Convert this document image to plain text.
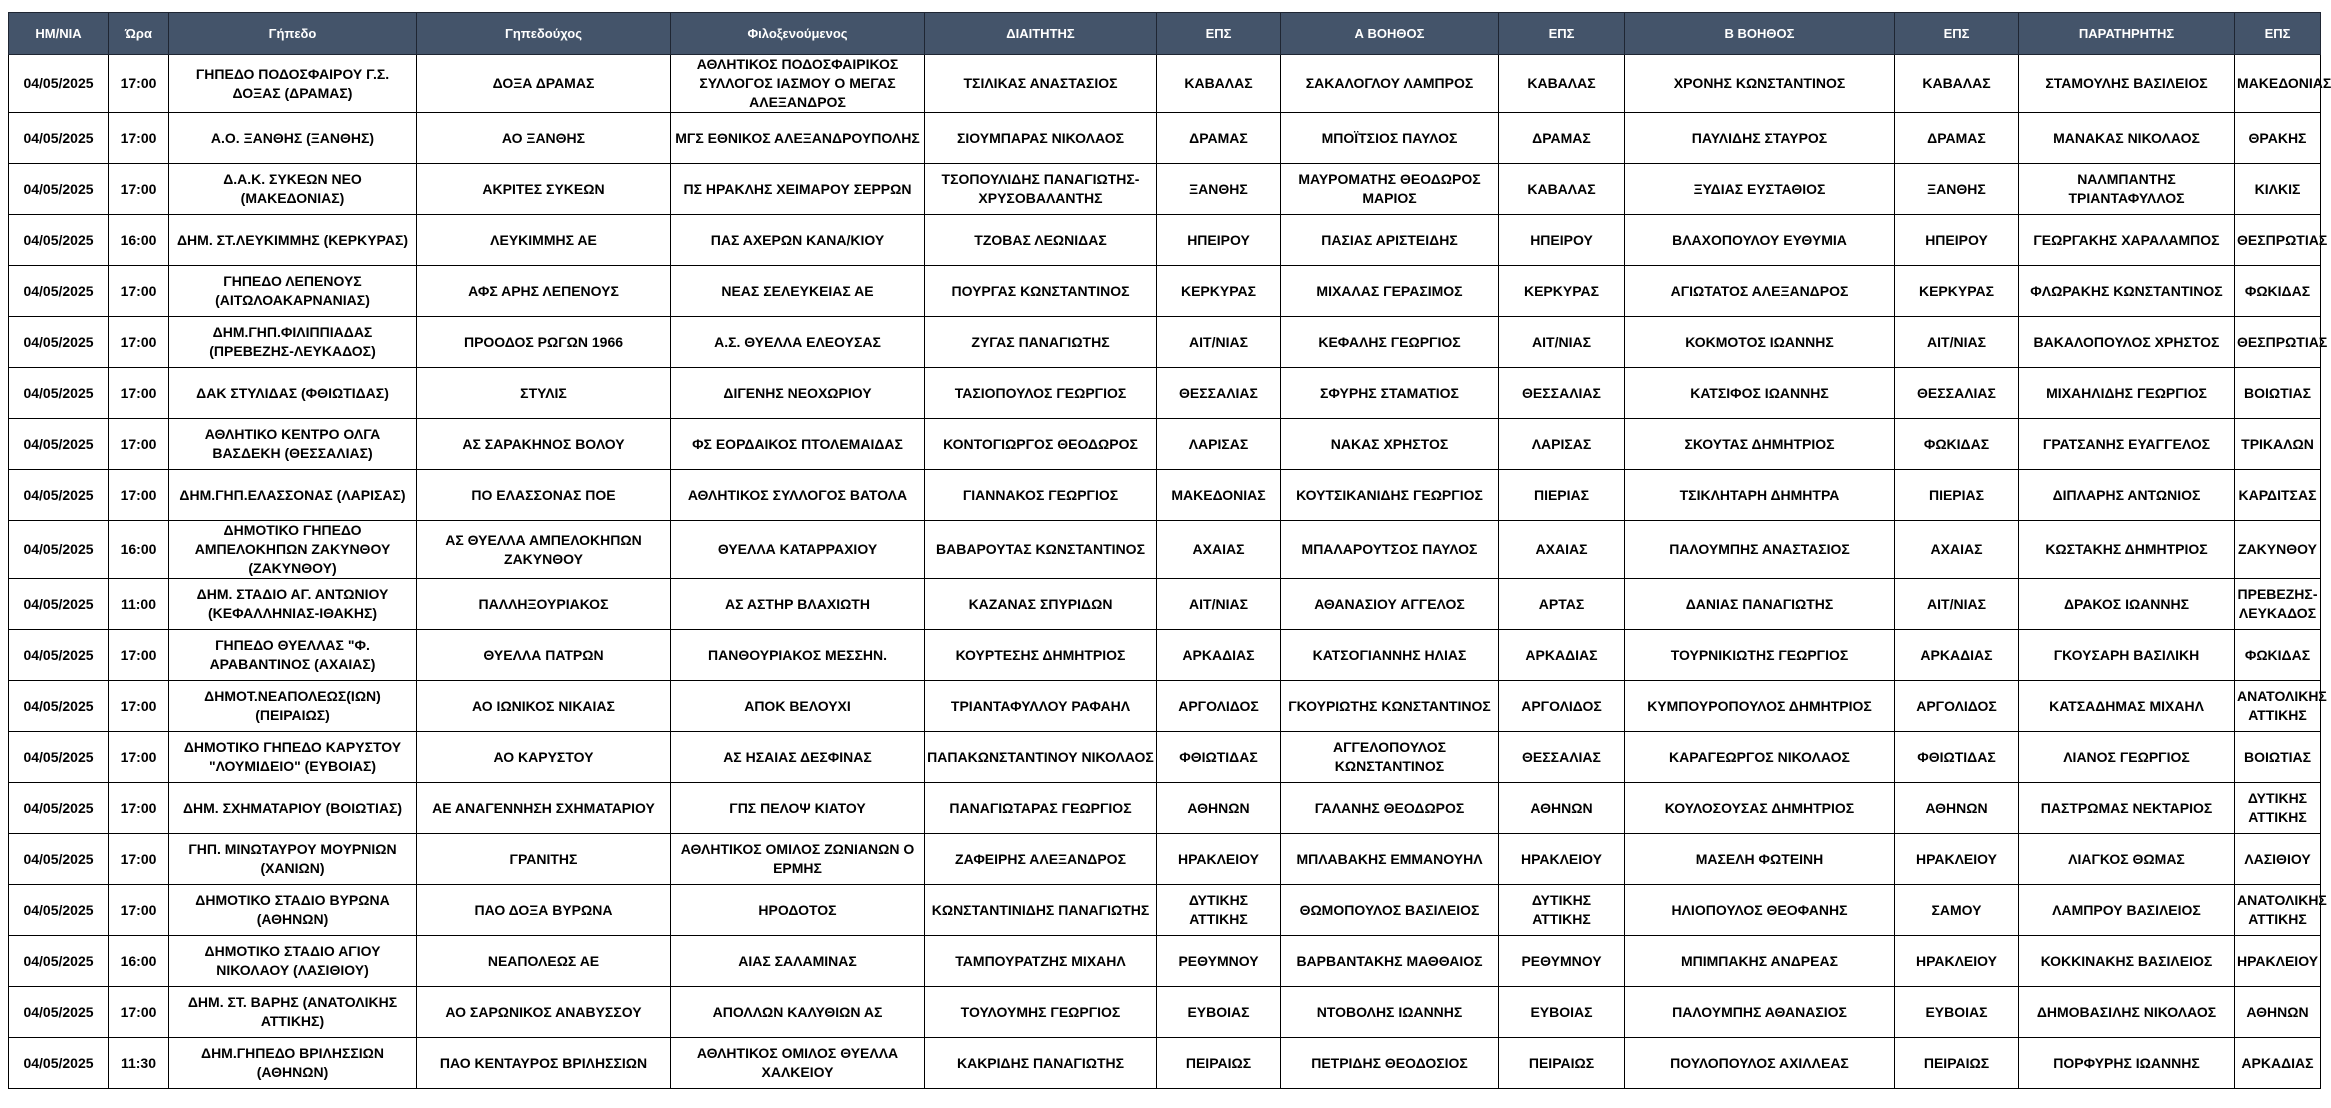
ΗΜ/ΝΙΑ	Ώρα	Γήπεδο	Γηπεδούχος	Φιλοξενούμενος	ΔΙΑΙΤΗΤΗΣ	ΕΠΣ	Α ΒΟΗΘΟΣ	ΕΠΣ	Β ΒΟΗΘΟΣ	ΕΠΣ	ΠΑΡΑΤΗΡΗΤΗΣ	ΕΠΣ
04/05/2025	17:00	ΓΗΠΕΔΟ ΠΟΔΟΣΦΑΙΡΟΥ Γ.Σ. ΔΟΞΑΣ (ΔΡΑΜΑΣ)	ΔΟΞΑ ΔΡΑΜΑΣ	ΑΘΛΗΤΙΚΟΣ ΠΟΔΟΣΦΑΙΡΙΚΟΣ ΣΥΛΛΟΓΟΣ ΙΑΣΜΟΥ Ο ΜΕΓΑΣ ΑΛΕΞΑΝΔΡΟΣ	ΤΣΙΛΙΚΑΣ ΑΝΑΣΤΑΣΙΟΣ	ΚΑΒΑΛΑΣ	ΣΑΚΑΛΟΓΛΟΥ ΛΑΜΠΡΟΣ	ΚΑΒΑΛΑΣ	ΧΡΟΝΗΣ ΚΩΝΣΤΑΝΤΙΝΟΣ	ΚΑΒΑΛΑΣ	ΣΤΑΜΟΥΛΗΣ ΒΑΣΙΛΕΙΟΣ	ΜΑΚΕΔΟΝΙΑΣ
04/05/2025	17:00	Α.Ο. ΞΑΝΘΗΣ (ΞΑΝΘΗΣ)	ΑΟ ΞΑΝΘΗΣ	ΜΓΣ ΕΘΝΙΚΟΣ ΑΛΕΞΑΝΔΡΟΥΠΟΛΗΣ	ΣΙΟΥΜΠΑΡΑΣ ΝΙΚΟΛΑΟΣ	ΔΡΑΜΑΣ	ΜΠΟΪΤΣΙΟΣ ΠΑΥΛΟΣ	ΔΡΑΜΑΣ	ΠΑΥΛΙΔΗΣ ΣΤΑΥΡΟΣ	ΔΡΑΜΑΣ	ΜΑΝΑΚΑΣ ΝΙΚΟΛΑΟΣ	ΘΡΑΚΗΣ
04/05/2025	17:00	Δ.Α.Κ. ΣΥΚΕΩΝ ΝΕΟ (ΜΑΚΕΔΟΝΙΑΣ)	ΑΚΡΙΤΕΣ ΣΥΚΕΩΝ	ΠΣ ΗΡΑΚΛΗΣ ΧΕΙΜΑΡΟΥ ΣΕΡΡΩΝ	ΤΣΟΠΟΥΛΙΔΗΣ ΠΑΝΑΓΙΩΤΗΣ-ΧΡΥΣΟΒΑΛΑΝΤΗΣ	ΞΑΝΘΗΣ	ΜΑΥΡΟΜΑΤΗΣ ΘΕΟΔΩΡΟΣ ΜΑΡΙΟΣ	ΚΑΒΑΛΑΣ	ΞΥΔΙΑΣ ΕΥΣΤΑΘΙΟΣ	ΞΑΝΘΗΣ	ΝΑΛΜΠΑΝΤΗΣ ΤΡΙΑΝΤΑΦΥΛΛΟΣ	ΚΙΛΚΙΣ
04/05/2025	16:00	ΔΗΜ. ΣΤ.ΛΕΥΚΙΜΜΗΣ (ΚΕΡΚΥΡΑΣ)	ΛΕΥΚΙΜΜΗΣ ΑΕ	ΠΑΣ ΑΧΕΡΩΝ ΚΑΝΑ/ΚΙΟΥ	ΤΖΟΒΑΣ ΛΕΩΝΙΔΑΣ	ΗΠΕΙΡΟΥ	ΠΑΣΙΑΣ ΑΡΙΣΤΕΙΔΗΣ	ΗΠΕΙΡΟΥ	ΒΛΑΧΟΠΟΥΛΟΥ ΕΥΘΥΜΙΑ	ΗΠΕΙΡΟΥ	ΓΕΩΡΓΑΚΗΣ ΧΑΡΑΛΑΜΠΟΣ	ΘΕΣΠΡΩΤΙΑΣ
04/05/2025	17:00	ΓΗΠΕΔΟ ΛΕΠΕΝΟΥΣ (ΑΙΤΩΛΟΑΚΑΡΝΑΝΙΑΣ)	ΑΦΣ ΑΡΗΣ ΛΕΠΕΝΟΥΣ	ΝΕΑΣ ΣΕΛΕΥΚΕΙΑΣ ΑΕ	ΠΟΥΡΓΑΣ ΚΩΝΣΤΑΝΤΙΝΟΣ	ΚΕΡΚΥΡΑΣ	ΜΙΧΑΛΑΣ ΓΕΡΑΣΙΜΟΣ	ΚΕΡΚΥΡΑΣ	ΑΓΙΩΤΑΤΟΣ ΑΛΕΞΑΝΔΡΟΣ	ΚΕΡΚΥΡΑΣ	ΦΛΩΡΑΚΗΣ ΚΩΝΣΤΑΝΤΙΝΟΣ	ΦΩΚΙΔΑΣ
04/05/2025	17:00	ΔΗΜ.ΓΗΠ.ΦΙΛΙΠΠΙΑΔΑΣ (ΠΡΕΒΕΖΗΣ-ΛΕΥΚΑΔΟΣ)	ΠΡΟΟΔΟΣ ΡΩΓΩΝ 1966	Α.Σ. ΘΥΕΛΛΑ ΕΛΕΟΥΣΑΣ	ΖΥΓΑΣ ΠΑΝΑΓΙΩΤΗΣ	ΑΙΤ/ΝΙΑΣ	ΚΕΦΑΛΗΣ ΓΕΩΡΓΙΟΣ	ΑΙΤ/ΝΙΑΣ	ΚΟΚΜΟΤΟΣ ΙΩΑΝΝΗΣ	ΑΙΤ/ΝΙΑΣ	ΒΑΚΑΛΟΠΟΥΛΟΣ ΧΡΗΣΤΟΣ	ΘΕΣΠΡΩΤΙΑΣ
04/05/2025	17:00	ΔΑΚ ΣΤΥΛΙΔΑΣ (ΦΘΙΩΤΙΔΑΣ)	ΣΤΥΛΙΣ	ΔΙΓΕΝΗΣ ΝΕΟΧΩΡΙΟΥ	ΤΑΣΙΟΠΟΥΛΟΣ ΓΕΩΡΓΙΟΣ	ΘΕΣΣΑΛΙΑΣ	ΣΦΥΡΗΣ ΣΤΑΜΑΤΙΟΣ	ΘΕΣΣΑΛΙΑΣ	ΚΑΤΣΙΦΟΣ ΙΩΑΝΝΗΣ	ΘΕΣΣΑΛΙΑΣ	ΜΙΧΑΗΛΙΔΗΣ ΓΕΩΡΓΙΟΣ	ΒΟΙΩΤΙΑΣ
04/05/2025	17:00	ΑΘΛΗΤΙΚΟ ΚΕΝΤΡΟ ΟΛΓΑ ΒΑΣΔΕΚΗ (ΘΕΣΣΑΛΙΑΣ)	ΑΣ ΣΑΡΑΚΗΝΟΣ ΒΟΛΟΥ	ΦΣ ΕΟΡΔΑΙΚΟΣ ΠΤΟΛΕΜΑΙΔΑΣ	ΚΟΝΤΟΓΙΩΡΓΟΣ ΘΕΟΔΩΡΟΣ	ΛΑΡΙΣΑΣ	ΝΑΚΑΣ ΧΡΗΣΤΟΣ	ΛΑΡΙΣΑΣ	ΣΚΟΥΤΑΣ ΔΗΜΗΤΡΙΟΣ	ΦΩΚΙΔΑΣ	ΓΡΑΤΣΑΝΗΣ ΕΥΑΓΓΕΛΟΣ	ΤΡΙΚΑΛΩΝ
04/05/2025	17:00	ΔΗΜ.ΓΗΠ.ΕΛΑΣΣΟΝΑΣ (ΛΑΡΙΣΑΣ)	ΠΟ ΕΛΑΣΣΟΝΑΣ ΠΟΕ	ΑΘΛΗΤΙΚΟΣ ΣΥΛΛΟΓΟΣ ΒΑΤΟΛΑ	ΓΙΑΝΝΑΚΟΣ ΓΕΩΡΓΙΟΣ	ΜΑΚΕΔΟΝΙΑΣ	ΚΟΥΤΣΙΚΑΝΙΔΗΣ ΓΕΩΡΓΙΟΣ	ΠΙΕΡΙΑΣ	ΤΣΙΚΛΗΤΑΡΗ ΔΗΜΗΤΡΑ	ΠΙΕΡΙΑΣ	ΔΙΠΛΑΡΗΣ ΑΝΤΩΝΙΟΣ	ΚΑΡΔΙΤΣΑΣ
04/05/2025	16:00	ΔΗΜΟΤΙΚΟ ΓΗΠΕΔΟ ΑΜΠΕΛΟΚΗΠΩΝ ΖΑΚΥΝΘΟΥ (ΖΑΚΥΝΘΟΥ)	ΑΣ ΘΥΕΛΛΑ ΑΜΠΕΛΟΚΗΠΩΝ ΖΑΚΥΝΘΟΥ	ΘΥΕΛΛΑ ΚΑΤΑΡΡΑΧΙΟΥ	ΒΑΒΑΡΟΥΤΑΣ ΚΩΝΣΤΑΝΤΙΝΟΣ	ΑΧΑΙΑΣ	ΜΠΑΛΑΡΟΥΤΣΟΣ ΠΑΥΛΟΣ	ΑΧΑΙΑΣ	ΠΑΛΟΥΜΠΗΣ ΑΝΑΣΤΑΣΙΟΣ	ΑΧΑΙΑΣ	ΚΩΣΤΑΚΗΣ ΔΗΜΗΤΡΙΟΣ	ΖΑΚΥΝΘΟΥ
04/05/2025	11:00	ΔΗΜ. ΣΤΑΔΙΟ ΑΓ. ΑΝΤΩΝΙΟΥ (ΚΕΦΑΛΛΗΝΙΑΣ-ΙΘΑΚΗΣ)	ΠΑΛΛΗΞΟΥΡΙΑΚΟΣ	ΑΣ ΑΣΤΗΡ ΒΛΑΧΙΩΤΗ	ΚΑΖΑΝΑΣ ΣΠΥΡΙΔΩΝ	ΑΙΤ/ΝΙΑΣ	ΑΘΑΝΑΣΙΟΥ ΑΓΓΕΛΟΣ	ΑΡΤΑΣ	ΔΑΝΙΑΣ ΠΑΝΑΓΙΩΤΗΣ	ΑΙΤ/ΝΙΑΣ	ΔΡΑΚΟΣ ΙΩΑΝΝΗΣ	ΠΡΕΒΕΖΗΣ-ΛΕΥΚΑΔΟΣ
04/05/2025	17:00	ΓΗΠΕΔΟ ΘΥΕΛΛΑΣ "Φ. ΑΡΑΒΑΝΤΙΝΟΣ (ΑΧΑΙΑΣ)	ΘΥΕΛΛΑ ΠΑΤΡΩΝ	ΠΑΝΘΟΥΡΙΑΚΟΣ ΜΕΣΣΗΝ.	ΚΟΥΡΤΕΣΗΣ ΔΗΜΗΤΡΙΟΣ	ΑΡΚΑΔΙΑΣ	ΚΑΤΣΟΓΙΑΝΝΗΣ ΗΛΙΑΣ	ΑΡΚΑΔΙΑΣ	ΤΟΥΡΝΙΚΙΩΤΗΣ ΓΕΩΡΓΙΟΣ	ΑΡΚΑΔΙΑΣ	ΓΚΟΥΣΑΡΗ ΒΑΣΙΛΙΚΗ	ΦΩΚΙΔΑΣ
04/05/2025	17:00	ΔΗΜΟΤ.ΝΕΑΠΟΛΕΩΣ(ΙΩΝ) (ΠΕΙΡΑΙΩΣ)	ΑΟ ΙΩΝΙΚΟΣ ΝΙΚΑΙΑΣ	ΑΠΟΚ ΒΕΛΟΥΧΙ	ΤΡΙΑΝΤΑΦΥΛΛΟΥ ΡΑΦΑΗΛ	ΑΡΓΟΛΙΔΟΣ	ΓΚΟΥΡΙΩΤΗΣ ΚΩΝΣΤΑΝΤΙΝΟΣ	ΑΡΓΟΛΙΔΟΣ	ΚΥΜΠΟΥΡΟΠΟΥΛΟΣ ΔΗΜΗΤΡΙΟΣ	ΑΡΓΟΛΙΔΟΣ	ΚΑΤΣΑΔΗΜΑΣ ΜΙΧΑΗΛ	ΑΝΑΤΟΛΙΚΗΣ ΑΤΤΙΚΗΣ
04/05/2025	17:00	ΔΗΜΟΤΙΚΟ ΓΗΠΕΔΟ ΚΑΡΥΣΤΟΥ "ΛΟΥΜΙΔΕΙΟ" (ΕΥΒΟΙΑΣ)	ΑΟ ΚΑΡΥΣΤΟΥ	ΑΣ ΗΣΑΙΑΣ ΔΕΣΦΙΝΑΣ	ΠΑΠΑΚΩΝΣΤΑΝΤΙΝΟΥ ΝΙΚΟΛΑΟΣ	ΦΘΙΩΤΙΔΑΣ	ΑΓΓΕΛΟΠΟΥΛΟΣ ΚΩΝΣΤΑΝΤΙΝΟΣ	ΘΕΣΣΑΛΙΑΣ	ΚΑΡΑΓΕΩΡΓΟΣ ΝΙΚΟΛΑΟΣ	ΦΘΙΩΤΙΔΑΣ	ΛΙΑΝΟΣ ΓΕΩΡΓΙΟΣ	ΒΟΙΩΤΙΑΣ
04/05/2025	17:00	ΔΗΜ. ΣΧΗΜΑΤΑΡΙΟΥ (ΒΟΙΩΤΙΑΣ)	ΑΕ ΑΝΑΓΕΝΝΗΣΗ ΣΧΗΜΑΤΑΡΙΟΥ	ΓΠΣ ΠΕΛΟΨ ΚΙΑΤΟΥ	ΠΑΝΑΓΙΩΤΑΡΑΣ ΓΕΩΡΓΙΟΣ	ΑΘΗΝΩΝ	ΓΑΛΑΝΗΣ ΘΕΟΔΩΡΟΣ	ΑΘΗΝΩΝ	ΚΟΥΛΟΣΟΥΣΑΣ ΔΗΜΗΤΡΙΟΣ	ΑΘΗΝΩΝ	ΠΑΣΤΡΩΜΑΣ ΝΕΚΤΑΡΙΟΣ	ΔΥΤΙΚΗΣ ΑΤΤΙΚΗΣ
04/05/2025	17:00	ΓΗΠ. ΜΙΝΩΤΑΥΡΟΥ ΜΟΥΡΝΙΩΝ (ΧΑΝΙΩΝ)	ΓΡΑΝΙΤΗΣ	ΑΘΛΗΤΙΚΟΣ ΟΜΙΛΟΣ ΖΩΝΙΑΝΩΝ Ο ΕΡΜΗΣ	ΖΑΦΕΙΡΗΣ ΑΛΕΞΑΝΔΡΟΣ	ΗΡΑΚΛΕΙΟΥ	ΜΠΛΑΒΑΚΗΣ ΕΜΜΑΝΟΥΗΛ	ΗΡΑΚΛΕΙΟΥ	ΜΑΣΕΛΗ ΦΩΤΕΙΝΗ	ΗΡΑΚΛΕΙΟΥ	ΛΙΑΓΚΟΣ ΘΩΜΑΣ	ΛΑΣΙΘΙΟΥ
04/05/2025	17:00	ΔΗΜΟΤΙΚΟ ΣΤΑΔΙΟ ΒΥΡΩΝΑ (ΑΘΗΝΩΝ)	ΠΑΟ ΔΟΞΑ ΒΥΡΩΝΑ	ΗΡΟΔΟΤΟΣ	ΚΩΝΣΤΑΝΤΙΝΙΔΗΣ ΠΑΝΑΓΙΩΤΗΣ	ΔΥΤΙΚΗΣ ΑΤΤΙΚΗΣ	ΘΩΜΟΠΟΥΛΟΣ ΒΑΣΙΛΕΙΟΣ	ΔΥΤΙΚΗΣ ΑΤΤΙΚΗΣ	ΗΛΙΟΠΟΥΛΟΣ ΘΕΟΦΑΝΗΣ	ΣΑΜΟΥ	ΛΑΜΠΡΟΥ ΒΑΣΙΛΕΙΟΣ	ΑΝΑΤΟΛΙΚΗΣ ΑΤΤΙΚΗΣ
04/05/2025	16:00	ΔΗΜΟΤΙΚΟ ΣΤΑΔΙΟ ΑΓΙΟΥ ΝΙΚΟΛΑΟΥ (ΛΑΣΙΘΙΟΥ)	ΝΕΑΠΟΛΕΩΣ ΑΕ	ΑΙΑΣ ΣΑΛΑΜΙΝΑΣ	ΤΑΜΠΟΥΡΑΤΖΗΣ ΜΙΧΑΗΛ	ΡΕΘΥΜΝΟΥ	ΒΑΡΒΑΝΤΑΚΗΣ ΜΑΘΘΑΙΟΣ	ΡΕΘΥΜΝΟΥ	ΜΠΙΜΠΑΚΗΣ ΑΝΔΡΕΑΣ	ΗΡΑΚΛΕΙΟΥ	ΚΟΚΚΙΝΑΚΗΣ ΒΑΣΙΛΕΙΟΣ	ΗΡΑΚΛΕΙΟΥ
04/05/2025	17:00	ΔΗΜ. ΣΤ. ΒΑΡΗΣ (ΑΝΑΤΟΛΙΚΗΣ ΑΤΤΙΚΗΣ)	ΑΟ ΣΑΡΩΝΙΚΟΣ ΑΝΑΒΥΣΣΟΥ	ΑΠΟΛΛΩΝ ΚΑΛΥΘΙΩΝ ΑΣ	ΤΟΥΛΟΥΜΗΣ ΓΕΩΡΓΙΟΣ	ΕΥΒΟΙΑΣ	ΝΤΟΒΟΛΗΣ ΙΩΑΝΝΗΣ	ΕΥΒΟΙΑΣ	ΠΑΛΟΥΜΠΗΣ ΑΘΑΝΑΣΙΟΣ	ΕΥΒΟΙΑΣ	ΔΗΜΟΒΑΣΙΛΗΣ ΝΙΚΟΛΑΟΣ	ΑΘΗΝΩΝ
04/05/2025	11:30	ΔΗΜ.ΓΗΠΕΔΟ ΒΡΙΛΗΣΣΙΩΝ (ΑΘΗΝΩΝ)	ΠΑΟ ΚΕΝΤΑΥΡΟΣ ΒΡΙΛΗΣΣΙΩΝ	ΑΘΛΗΤΙΚΟΣ ΟΜΙΛΟΣ ΘΥΕΛΛΑ ΧΑΛΚΕΙΟΥ	ΚΑΚΡΙΔΗΣ ΠΑΝΑΓΙΩΤΗΣ	ΠΕΙΡΑΙΩΣ	ΠΕΤΡΙΔΗΣ ΘΕΟΔΟΣΙΟΣ	ΠΕΙΡΑΙΩΣ	ΠΟΥΛΟΠΟΥΛΟΣ ΑΧΙΛΛΕΑΣ	ΠΕΙΡΑΙΩΣ	ΠΟΡΦΥΡΗΣ ΙΩΑΝΝΗΣ	ΑΡΚΑΔΙΑΣ
